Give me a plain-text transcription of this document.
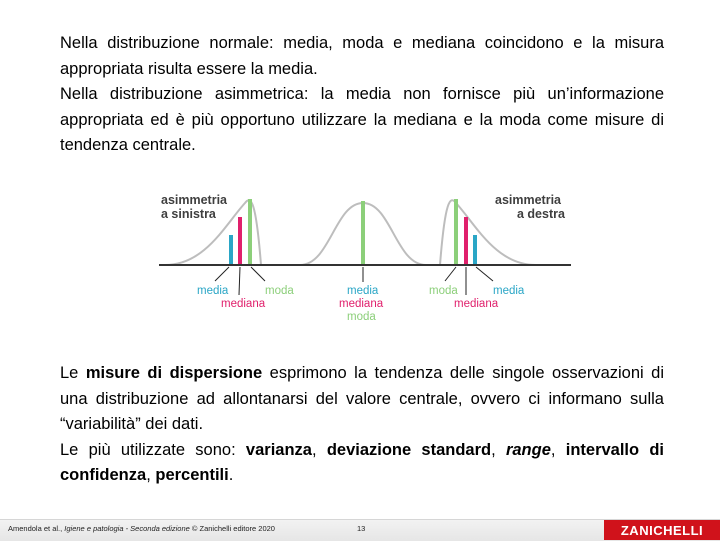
Nella distribuzione normale: media, moda e mediana coincidono e la misura appropriata risulta essere la media.
Nella distribuzione asimmetrica: la media non fornisce più un’informazione appropriata ed è più opportuno utilizzare la mediana e la moda come misure di tendenza centrale.

asimmetria
a sinistra
asimmetria
a destra
media	moda
mediana
media
mediana
moda
moda	media
mediana

Le misure di dispersione esprimono la tendenza delle singole osservazioni di una distribuzione ad allontanarsi del valore centrale, ovvero ci informano sulla “variabilità” dei dati.
Le più utilizzate sono: varianza, deviazione standard, range, intervallo di confidenza, percentili.

Amendola et al., Igiene e patologia - Seconda edizione © Zanichelli editore 2020	13	ZANICHELLI
